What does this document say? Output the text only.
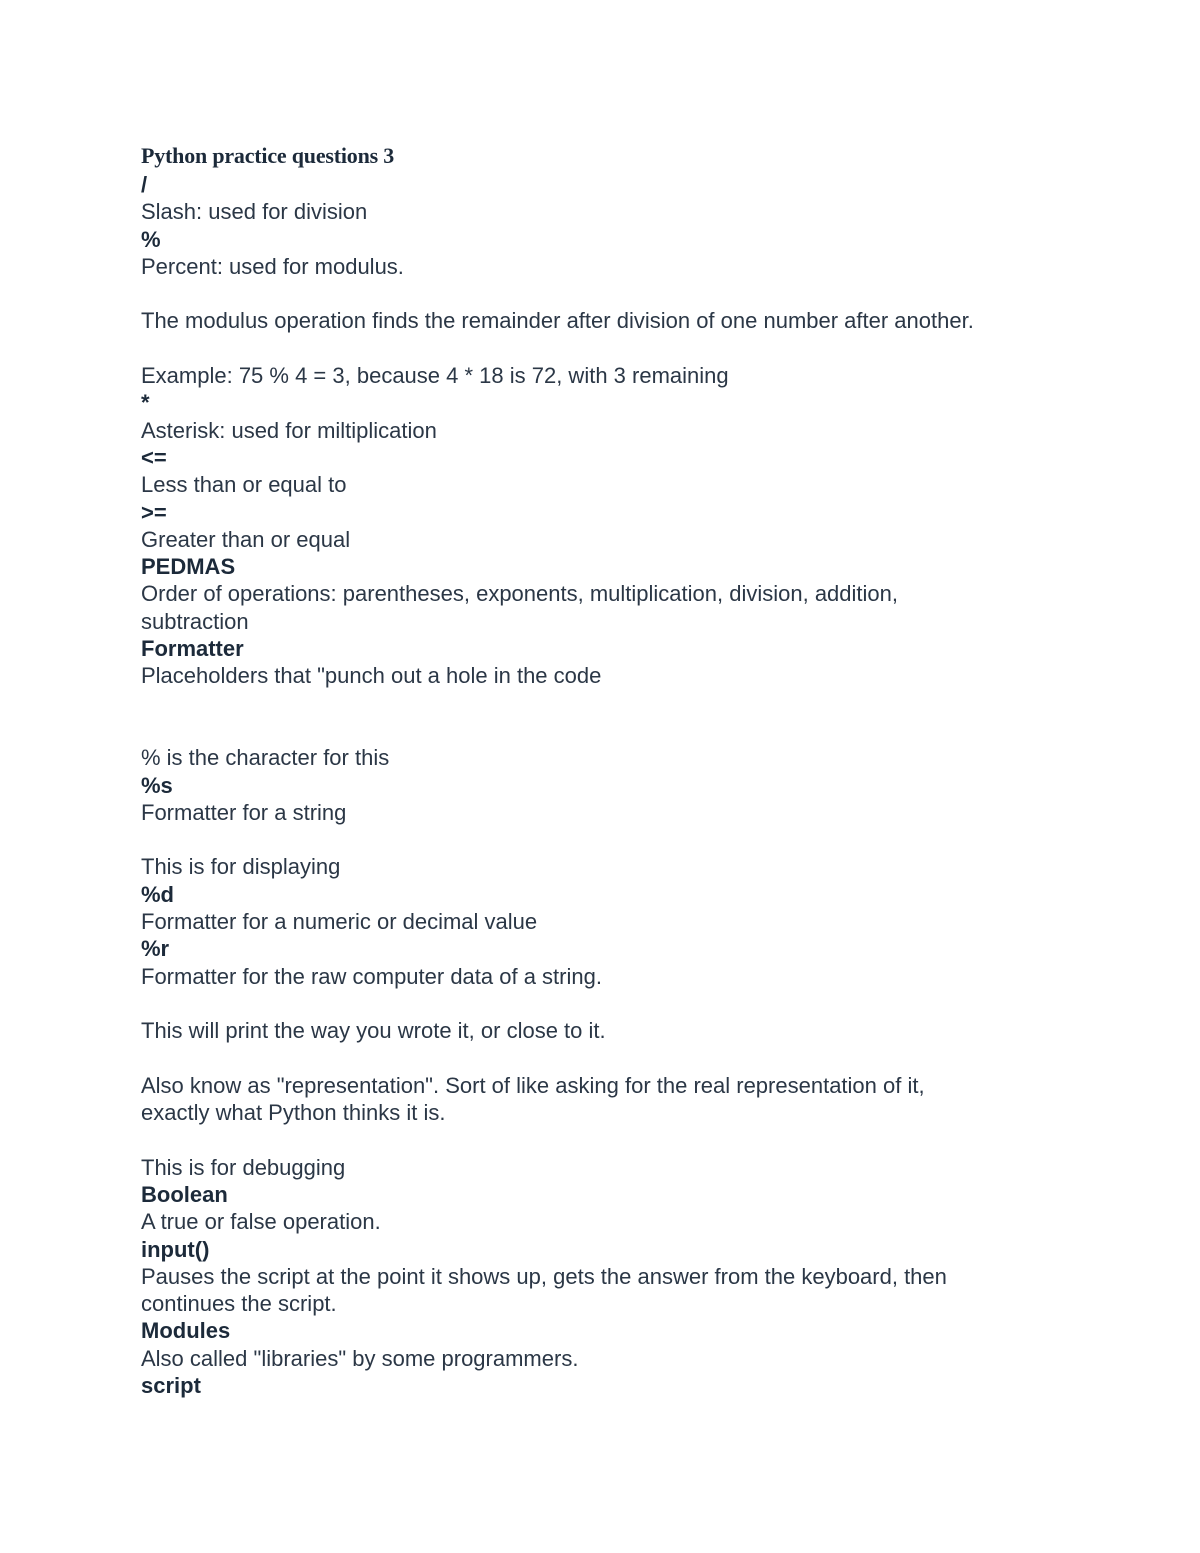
Python practice questions 3
/
Slash: used for division
%
Percent: used for modulus.
The modulus operation finds the remainder after division of one number after another.
Example: 75 % 4 = 3, because 4 * 18 is 72, with 3 remaining
*
Asterisk: used for miltiplication
<=
Less than or equal to
>=
Greater than or equal
PEDMAS
Order of operations: parentheses, exponents, multiplication, division, addition,
subtraction
Formatter
Placeholders that "punch out a hole in the code
% is the character for this
%s
Formatter for a string
This is for displaying
%d
Formatter for a numeric or decimal value
%r
Formatter for the raw computer data of a string.
This will print the way you wrote it, or close to it.
Also know as "representation". Sort of like asking for the real representation of it,
exactly what Python thinks it is.
This is for debugging
Boolean
A true or false operation.
input()
Pauses the script at the point it shows up, gets the answer from the keyboard, then
continues the script.
Modules
Also called "libraries" by some programmers.
script
